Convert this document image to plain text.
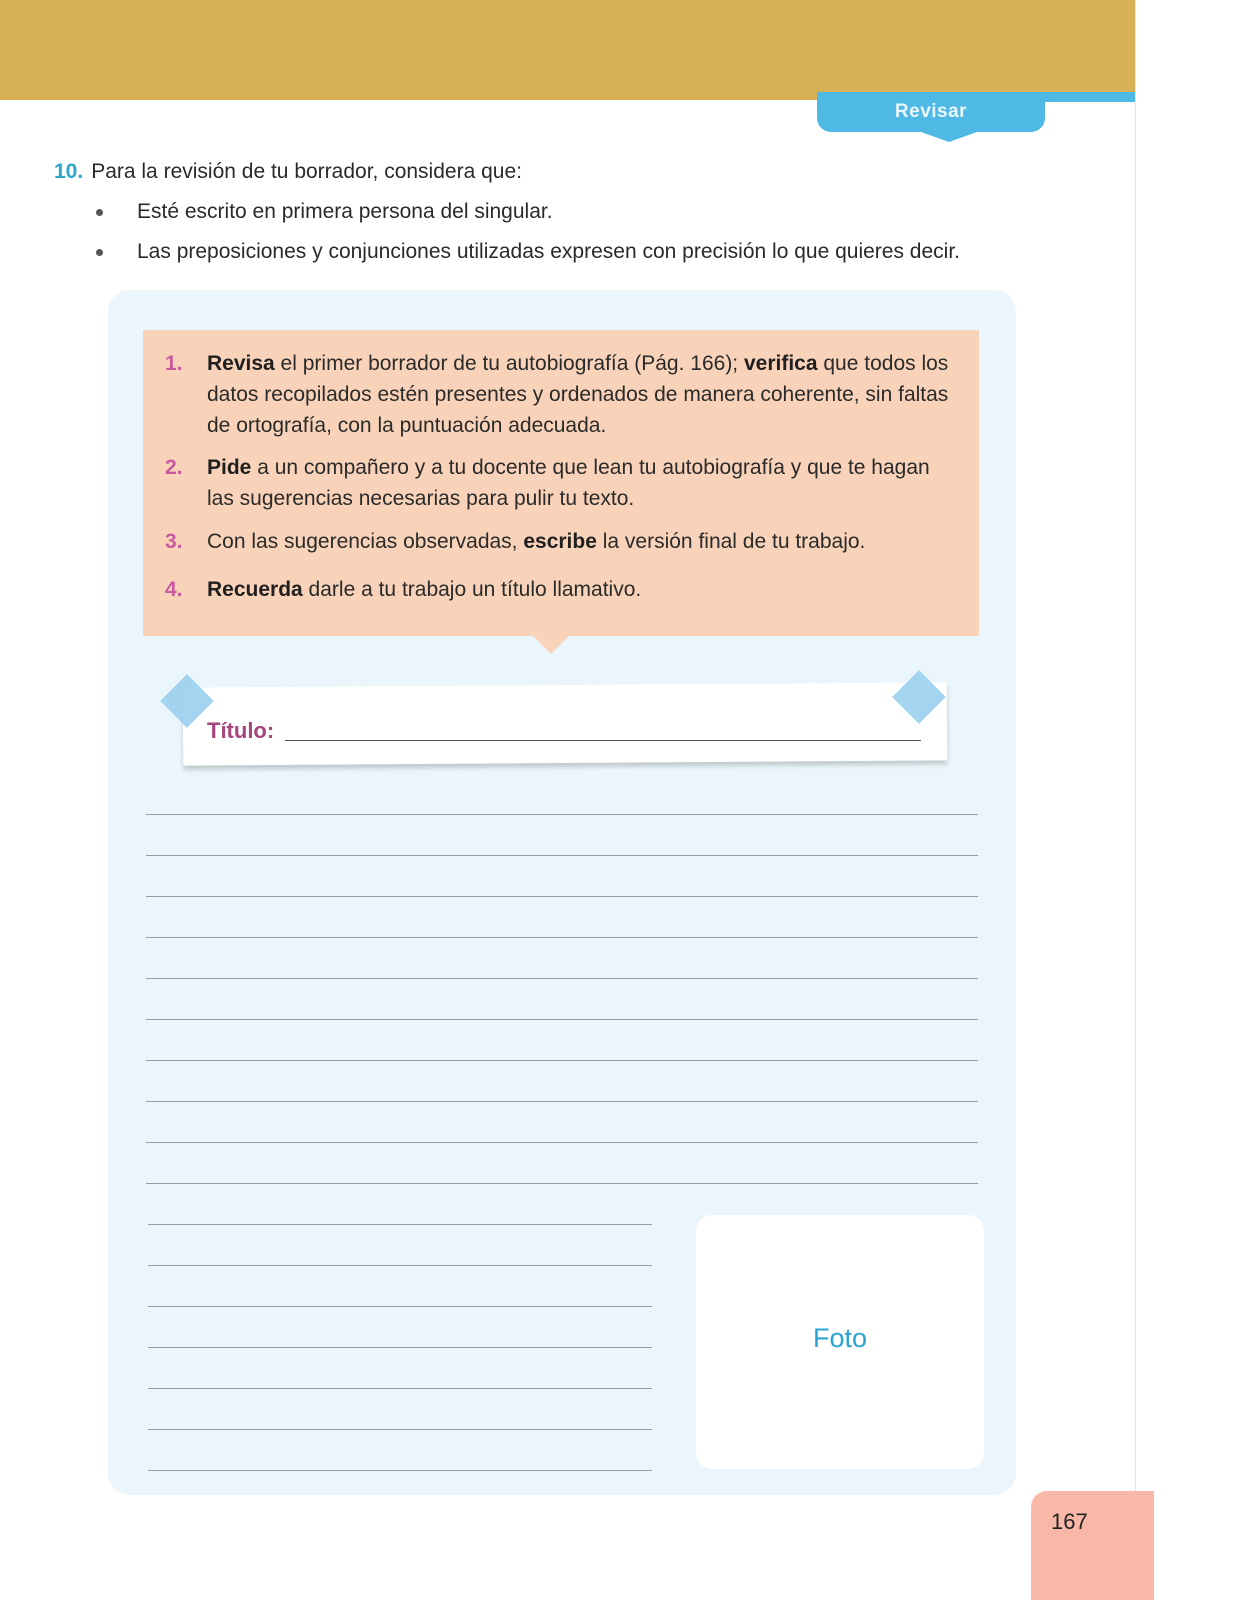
Revisar
10. Para la revisión de tu borrador, considera que:
Esté escrito en primera persona del singular.
Las preposiciones y conjunciones utilizadas expresen con precisión lo que quieres decir.
1. Revisa el primer borrador de tu autobiografía (Pág. 166); verifica que todos los datos recopilados estén presentes y ordenados de manera coherente, sin faltas de ortografía, con la puntuación adecuada.
2. Pide a un compañero y a tu docente que lean tu autobiografía y que te hagan las sugerencias necesarias para pulir tu texto.
3. Con las sugerencias observadas, escribe la versión final de tu trabajo.
4. Recuerda darle a tu trabajo un título llamativo.
Título:
Foto
167
